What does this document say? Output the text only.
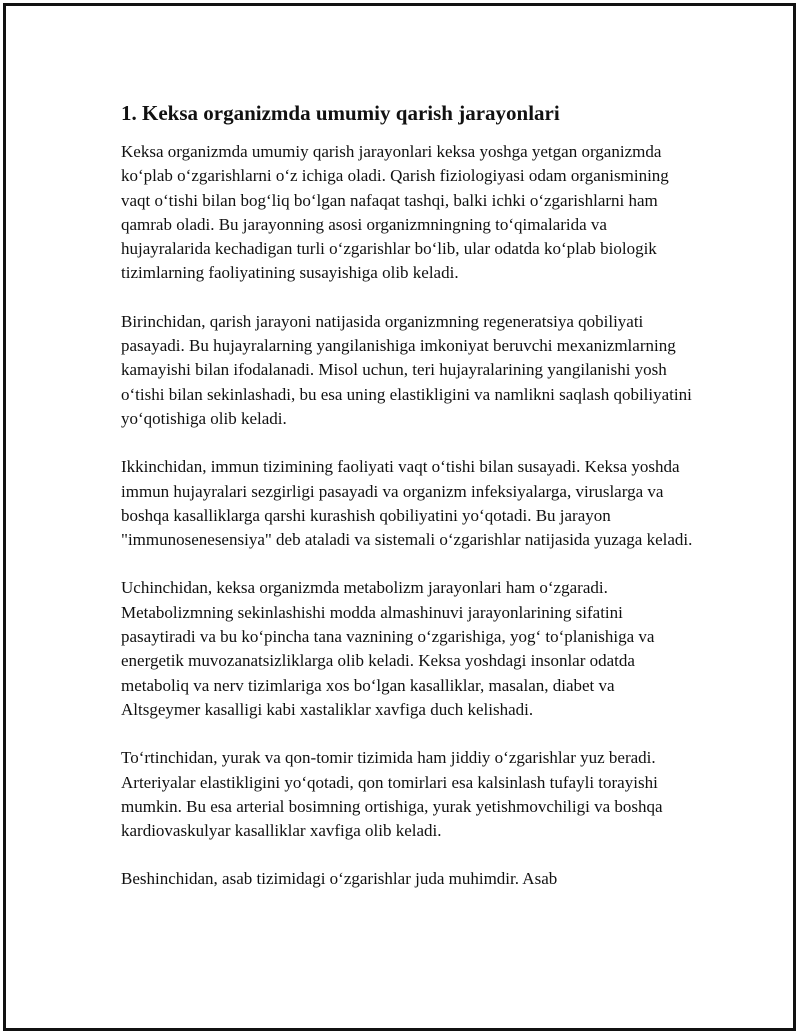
1. Keksa organizmda umumiy qarish jarayonlari

Keksa organizmda umumiy qarish jarayonlari keksa yoshga yetgan organizmda ko‘plab o‘zgarishlarni o‘z ichiga oladi. Qarish fiziologiyasi odam organismining vaqt o‘tishi bilan bog‘liq bo‘lgan nafaqat tashqi, balki ichki o‘zgarishlarni ham qamrab oladi. Bu jarayonning asosi organizmningning to‘qimalarida va hujayralarida kechadigan turli o‘zgarishlar bo‘lib, ular odatda ko‘plab biologik tizimlarning faoliyatining susayishiga olib keladi.

Birinchidan, qarish jarayoni natijasida organizmning regeneratsiya qobiliyati pasayadi. Bu hujayralarning yangilanishiga imkoniyat beruvchi mexanizmlarning kamayishi bilan ifodalanadi. Misol uchun, teri hujayralarining yangilanishi yosh o‘tishi bilan sekinlashadi, bu esa uning elastikligini va namlikni saqlash qobiliyatini yo‘qotishiga olib keladi.

Ikkinchidan, immun tizimining faoliyati vaqt o‘tishi bilan susayadi. Keksa yoshda immun hujayralari sezgirligi pasayadi va organizm infeksiyalarga, viruslarga va boshqa kasalliklarga qarshi kurashish qobiliyatini yo‘qotadi. Bu jarayon "immunosenesensiya" deb ataladi va sistemali o‘zgarishlar natijasida yuzaga keladi.

Uchinchidan, keksa organizmda metabolizm jarayonlari ham o‘zgaradi. Metabolizmning sekinlashishi modda almashinuvi jarayonlarining sifatini pasaytiradi va bu ko‘pincha tana vaznining o‘zgarishiga, yog‘ to‘planishiga va energetik muvozanatsizliklarga olib keladi. Keksa yoshdagi insonlar odatda metaboliq va nerv tizimlariga xos bo‘lgan kasalliklar, masalan, diabet va Altsgeymer kasalligi kabi xastaliklar xavfiga duch kelishadi.

To‘rtinchidan, yurak va qon-tomir tizimida ham jiddiy o‘zgarishlar yuz beradi. Arteriyalar elastikligini yo‘qotadi, qon tomirlari esa kalsinlash tufayli torayishi mumkin. Bu esa arterial bosimning ortishiga, yurak yetishmovchiligi va boshqa kardiovaskulyar kasalliklar xavfiga olib keladi.

Beshinchidan, asab tizimidagi o‘zgarishlar juda muhimdir. Asab
